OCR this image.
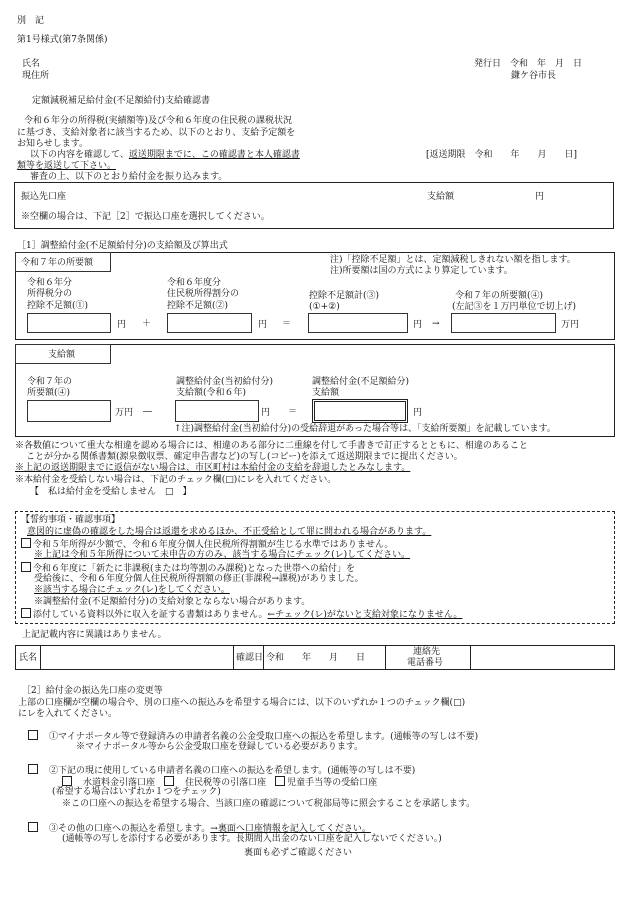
別　記
第1号様式(第7条関係)
氏名
現住所
発行日　令和　年　月　日
鎌ケ谷市長
定額減税補足給付金(不足額給付)支給確認書
令和６年分の所得税(実績額等)及び令和６年度の住民税の課税状況
に基づき、支給対象者に該当するため、以下のとおり、支給予定額を
お知らせします。
以下の内容を確認して、返送期限までに、この確認書と本人確認書
類等を返送して下さい。
審査の上、以下のとおり給付金を振り込みます。
[返送期限　令和　　年　　月　　日]
振込先口座	支給額	円
※空欄の場合は、下記［2］で振込口座を選択してください。
［1］調整給付金(不足額給付分)の支給額及び算出式
令和７年の所要額	注)「控除不足額」とは、定額減税しきれない額を指します。
注)所要額は国の方式により算定しています。
令和６年分
所得税分の
控除不足額(①)
令和６年度分
住民税所得割分の
控除不足額(②)
控除不足額計(③)
(①+②)
令和７年の所要額(④)
(左記③を１万円単位で切上げ)
円 ＋	円 ＝	円 →	万円
支給額
令和７年の
所要額(④)
調整給付金(当初給付分)
支給額(令和６年)
調整給付金(不足額給分)
支給額
万円 ―	円 ＝	円
↑注)調整給付金(当初給付分)の受給辞退があった場合等は、「支給所要額」を記載しています。
※各数値について重大な相違を認める場合には、相違のある部分に二重線を付して手書きで訂正するとともに、相違のあること
ことが分かる関係書類(源泉徴収票、確定申告書など)の写し(コピー)を添えて返送期限までに提出ください。
※上記の返送期限までに返信がない場合は、市区町村は本給付金の支給を辞退したとみなします。
※本給付金を受給しない場合は、下記のチェック欄(□)にレを入れてください。
【　私は給付金を受給しません　□　】
【誓約事項・確認事項】
意図的に虚偽の確認をした場合は返還を求めるほか、不正受給として罪に問われる場合があります。
令和５年所得が少額で、令和６年度分個人住民税所得割額が生じる水準ではありません。
※上記は令和５年所得について未申告の方のみ、該当する場合にチェック(レ)してください。
令和６年度に「新たに非課税(または均等割のみ課税)となった世帯への給付」を
受給後に、令和６年度分個人住民税所得割額の修正(非課税→課税)がありました。
※該当する場合にチェック(レ)をしてください。
※調整給付金(不足額給付分)の支給対象とならない場合があります。
添付している資料以外に収入を証する書類はありません。←チェック(レ)がないと支給対象になりません。
上記記載内容に異議はありません。
氏名	確認日 令和　　年　　月　　日
連絡先
電話番号
［2］給付金の振込先口座の変更等
上部の口座欄が空欄の場合や、別の口座への振込みを希望する場合には、以下のいずれか１つのチェック欄(□)
にレを入れてください。
　①マイナポータル等で登録済みの申請者名義の公金受取口座への振込を希望します。(通帳等の写しは不要)
※マイナポータル等から公金受取口座を登録している必要があります。
　②下記の現に使用している申請者名義の口座への振込を希望します。(通帳等の写しは不要)
　水道料金引落口座　　	住民税等の引落口座　 児童手当等の受給口座
(希望する場合はいずれか１つをチェック)
※この口座への振込を希望する場合、当該口座の確認について税部局等に照会することを承諾します。
　③その他の口座への振込を希望します。→裏面へ口座情報を記入してください。
(通帳等の写しを添付する必要があります。長期間入出金のない口座を記入しないでください。)
裏面も必ずご確認ください
